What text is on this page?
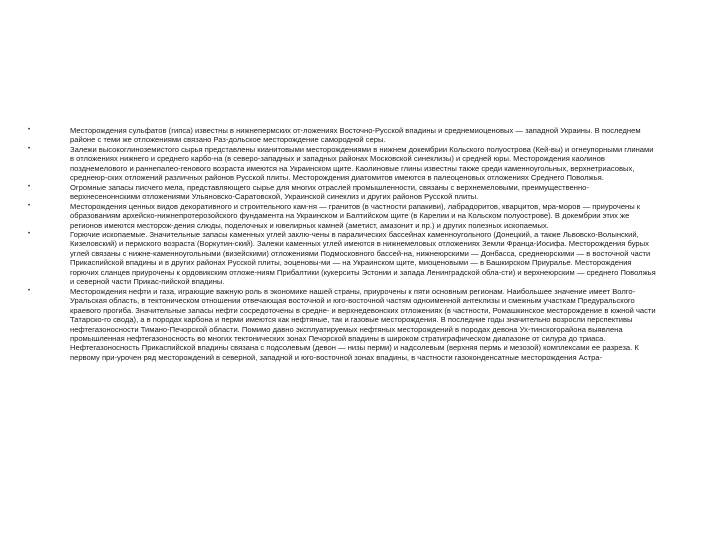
•	Месторождения сульфатов (гипса) известны в нижнепермских от-ложениях Восточно-Русской впадины и среднемиоценовых — западной Украины. В последнем районе с теми же отложениями связано Раз-дольское месторождение самородной серы.
•	Залежи высокоглиноземистого сырья представлены кианитовыми месторождениями в нижнем докембрии Кольского полуострова (Кей-вы) и огнеупорными глинами в отложениях нижнего и среднего карбо-на (в северо-западных и западных районах Московской синеклизы) и средней юры. Месторождения каолинов позднемелового и раннепалео-генового возраста имеются на Украинском щите. Каолиновые глины известны также среди каменноугольных, верхнетриасовых, среднеюр-ских отложений различных районов Русской плиты. Месторождения диатомитов имеются в палеоценовых отложениях Среднего Поволжья.
•	Огромные запасы писчего мела, представляющего сырье для многих отраслей промышленности, связаны с верхнемеловыми, преимущественно-верхнесеноннскими отложениями Ульяновско-Саратовской, Украинской синеклиз и других районов Русской плиты.
•	Месторождения ценных видов декоративного и строительного кам-ня — гранитов (в частности рапакиви), лабрадоритов, кварцитов, мра-моров — приурочены к образованиям архейско-нижнепротерозойского фундамента на Украинском и Балтийском щите (в Карелии и на Кольском полуострове). В докембрии этих же регионов имеются месторож-дения слюды, поделочных и ювелирных камней (аметист, амазонит и пр.) и других полезных ископаемых.
•	Горючие ископаемые. Значительные запасы каменных углей заклю-чены в паралических бассейнах каменноугольного (Донецкий, а также Львовско-Волынский, Кизеловский) и пермского возраста (Воркутин-ский). Залежи каменных углей имеются в нижнемеловых отложениях Земли Франца-Иосифа. Месторождения бурых углей связаны с нижне-каменноугольными (визейскими) отложениями Подмосковного бассей-на, нижнеюрскими — Донбасса, среднеюрскими — в восточной части Прикаспийской впадины и в других районах Русской плиты, эоценовы-ми — на Украинском щите, миоценовыми — в Башкирском Приуралье. Месторождения горючих сланцев приурочены к ордовикским отложе-ниям Прибалтики (кукерситы Эстонии и запада Ленинградской обла-сти) и верхнеюрским — среднего Поволжья и северной части Прикас-пийской впадины.
•	Месторождения нефти и газа, играющие важную роль в экономике нашей страны, приурочены к пяти основным регионам. Наибольшее значение имеет Волго-Уральская область, в тектоническом отношении отвечающая восточной и юго-восточной частям одноименной антеклизы и смежным участкам Предуральского краевого прогиба. Значительные запасы нефти сосредоточены в средне- и верхнедевонских отложениях (в частности, Ромашкинское месторождение в южной части Татарско-го свода), а в породах карбона и перми имеются как нефтяные, так и газовые месторождения. В последние годы значительно возросли перспективы нефтегазоносности Тимано-Печорской области. Помимо давно эксплуатируемых нефтяных месторождений в породах девона Ух-тинскогорайона выявлена промышленная нефтегазоносность во многих тектонических зонах Печорской впадины в широком стратиграфическом диапазоне от силура до триаса. Нефтегазоносность Прикаспийской впадины связана с подсолевым (девон — низы перми) и надсолевым (верхняя пермь и мезозой) комплексами ее разреза. К первому при-урочен ряд месторождений в северной, западной и юго-восточной зонах впадины, в частности газоконденсатные месторождения Астра-
